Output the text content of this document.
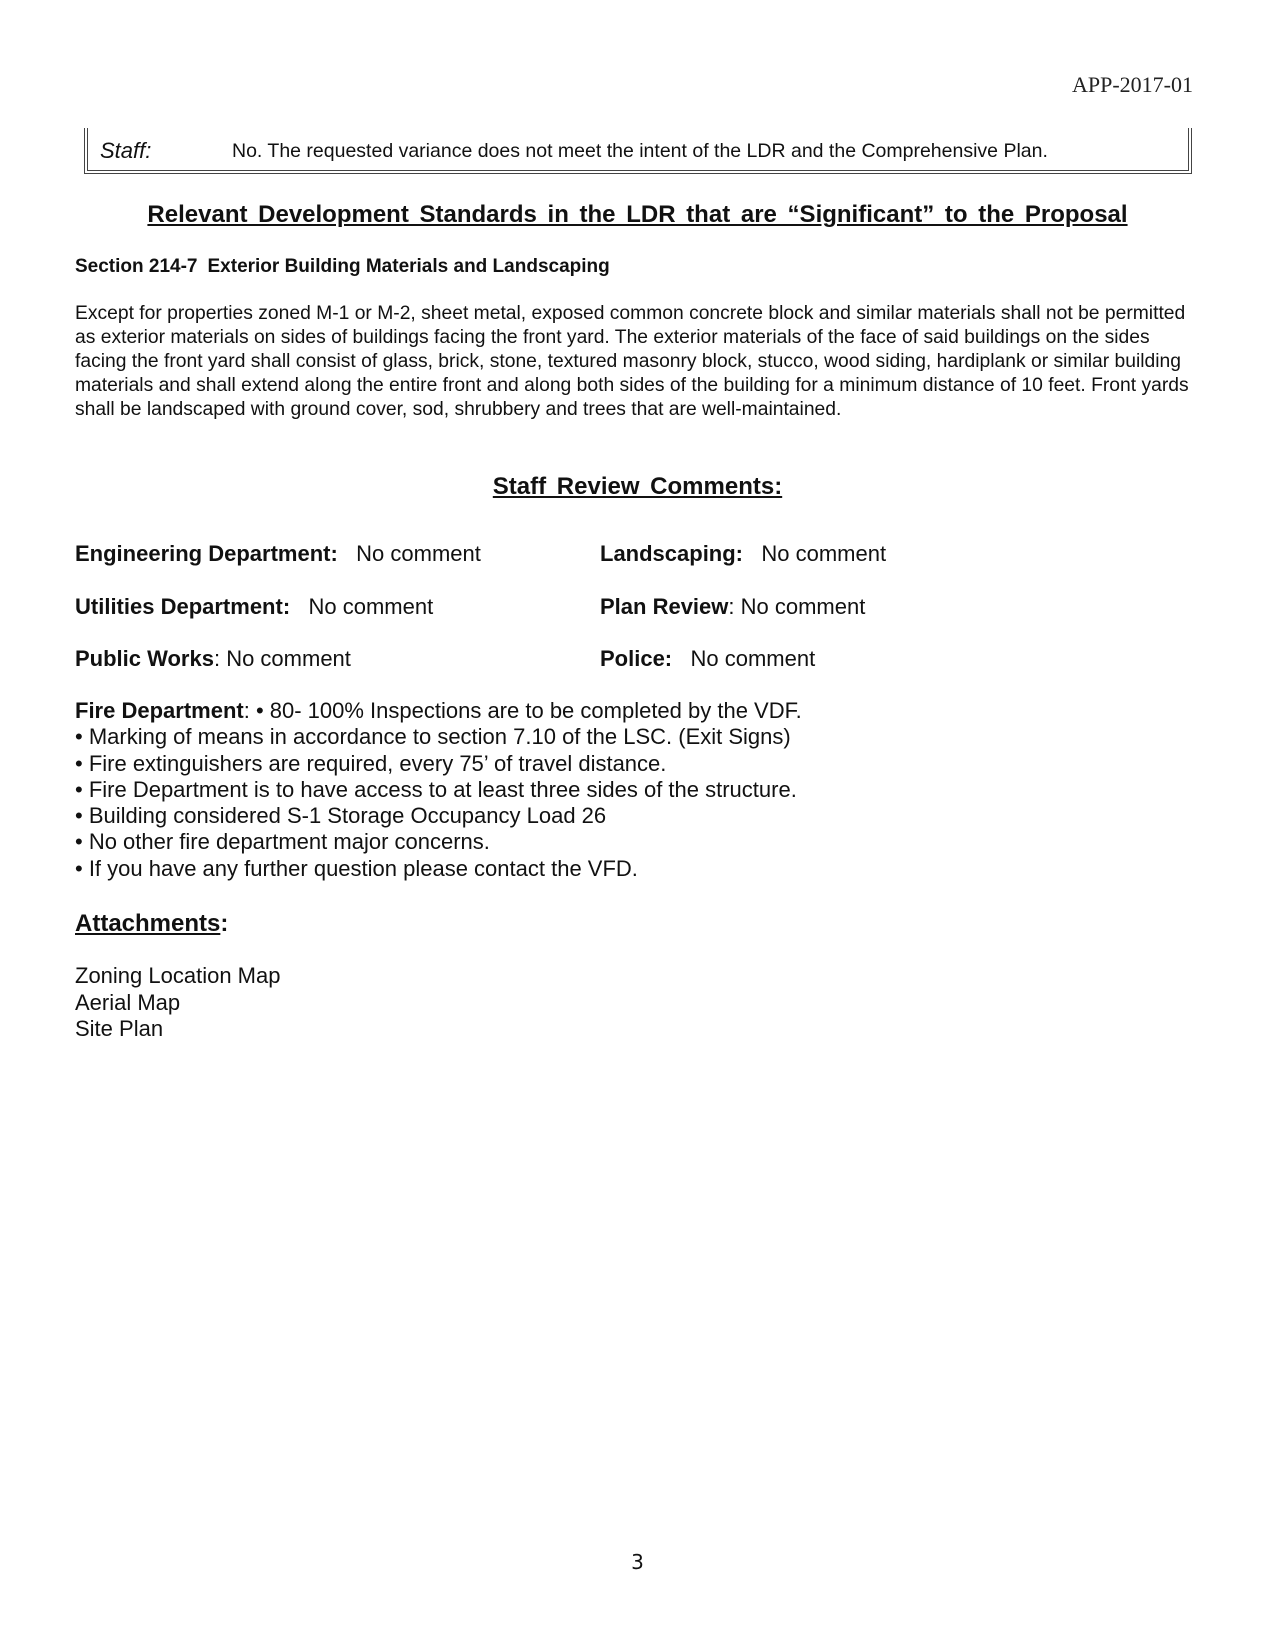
APP-2017-01
Staff:	No. The requested variance does not meet the intent of the LDR and the Comprehensive Plan.
Relevant Development Standards in the LDR that are “Significant” to the Proposal
Section 214-7 Exterior Building Materials and Landscaping
Except for properties zoned M-1 or M-2, sheet metal, exposed common concrete block and similar materials shall not be permitted as exterior materials on sides of buildings facing the front yard. The exterior materials of the face of said buildings on the sides facing the front yard shall consist of glass, brick, stone, textured masonry block, stucco, wood siding, hardiplank or similar building materials and shall extend along the entire front and along both sides of the building for a minimum distance of 10 feet. Front yards shall be landscaped with ground cover, sod, shrubbery and trees that are well-maintained.
Staff Review Comments:
Engineering Department: No comment	Landscaping: No comment
Utilities Department: No comment	Plan Review: No comment
Public Works: No comment	Police: No comment
Fire Department: • 80- 100% Inspections are to be completed by the VDF.
• Marking of means in accordance to section 7.10 of the LSC. (Exit Signs)
• Fire extinguishers are required, every 75’ of travel distance.
• Fire Department is to have access to at least three sides of the structure.
• Building considered S-1 Storage Occupancy Load 26
• No other fire department major concerns.
• If you have any further question please contact the VFD.
Attachments:
Zoning Location Map
Aerial Map
Site Plan
3
